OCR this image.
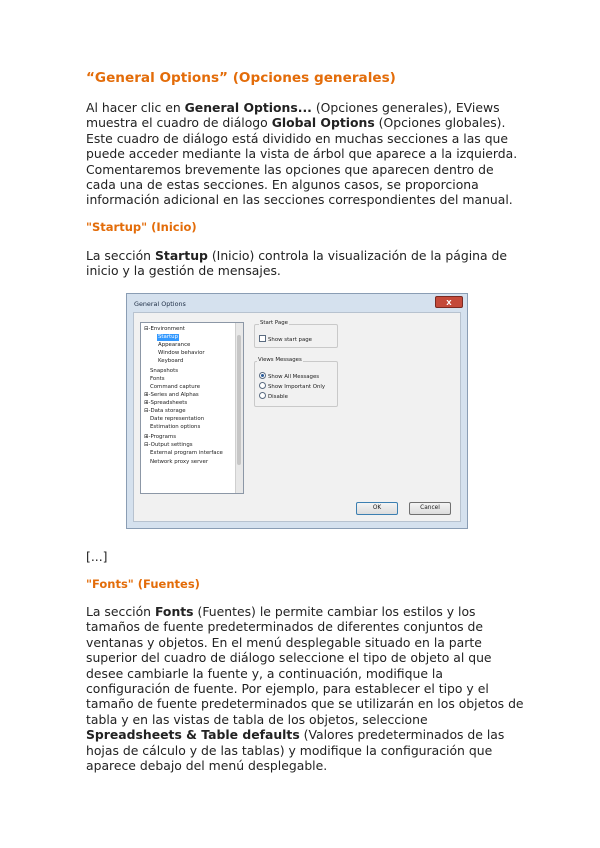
“General Options” (Opciones generales)
Al hacer clic en General Options... (Opciones generales), EViews
muestra el cuadro de diálogo Global Options (Opciones globales).
Este cuadro de diálogo está dividido en muchas secciones a las que
puede acceder mediante la vista de árbol que aparece a la izquierda.
Comentaremos brevemente las opciones que aparecen dentro de
cada una de estas secciones. En algunos casos, se proporciona
información adicional en las secciones correspondientes del manual.
"Startup" (Inicio)
La sección Startup (Inicio) controla la visualización de la página de
inicio y la gestión de mensajes.
General Options	X
⊟-Environment
Startup
Appearance
Window behavior
Keyboard
Snapshots
Fonts
Command capture
⊞-Series and Alphas
⊞-Spreadsheets
⊟-Data storage
Date representation
Estimation options
⊞-Programs
⊟-Output settings
External program interface
Network proxy server
Start Page
Show start page
Views Messages
Show All Messages
Show Important Only
Disable
OK	Cancel
[...]
"Fonts" (Fuentes)
La sección Fonts (Fuentes) le permite cambiar los estilos y los
tamaños de fuente predeterminados de diferentes conjuntos de
ventanas y objetos. En el menú desplegable situado en la parte
superior del cuadro de diálogo seleccione el tipo de objeto al que
desee cambiarle la fuente y, a continuación, modifique la
configuración de fuente. Por ejemplo, para establecer el tipo y el
tamaño de fuente predeterminados que se utilizarán en los objetos de
tabla y en las vistas de tabla de los objetos, seleccione
Spreadsheets & Table defaults (Valores predeterminados de las
hojas de cálculo y de las tablas) y modifique la configuración que
aparece debajo del menú desplegable.
